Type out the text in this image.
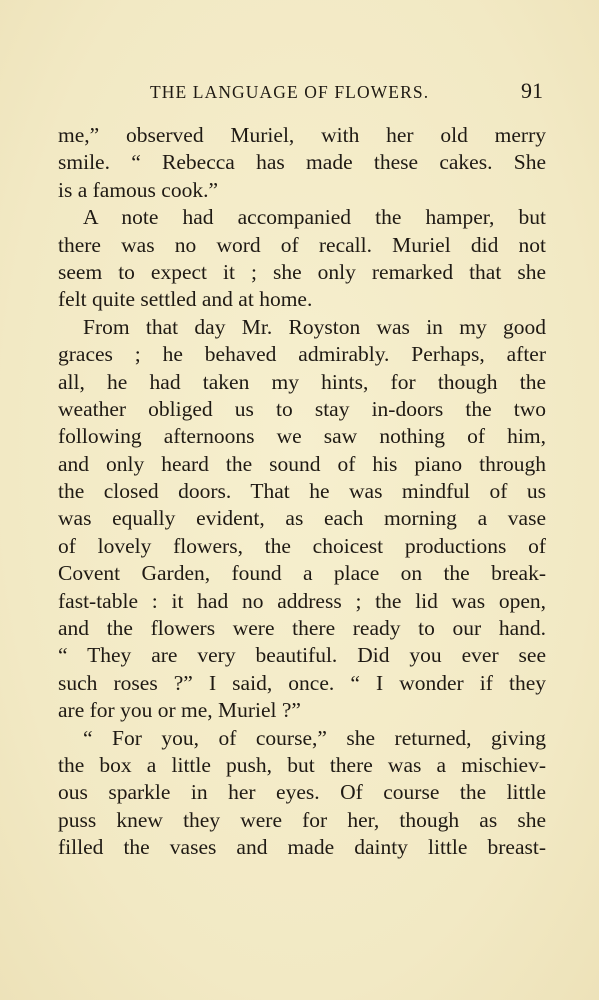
THE LANGUAGE OF FLOWERS.	91
me,” observed Muriel, with her old merry
smile. “ Rebecca has made these cakes. She
is a famous cook.”
A note had accompanied the hamper, but
there was no word of recall. Muriel did not
seem to expect it ; she only remarked that she
felt quite settled and at home.
From that day Mr. Royston was in my good
graces ; he behaved admirably. Perhaps, after
all, he had taken my hints, for though the
weather obliged us to stay in-doors the two
following afternoons we saw nothing of him,
and only heard the sound of his piano through
the closed doors. That he was mindful of us
was equally evident, as each morning a vase
of lovely flowers, the choicest productions of
Covent Garden, found a place on the break-
fast-table : it had no address ; the lid was open,
and the flowers were there ready to our hand.
“ They are very beautiful. Did you ever see
such roses ?” I said, once. “ I wonder if they
are for you or me, Muriel ?”
“ For you, of course,” she returned, giving
the box a little push, but there was a mischiev-
ous sparkle in her eyes. Of course the little
puss knew they were for her, though as she
filled the vases and made dainty little breast-
